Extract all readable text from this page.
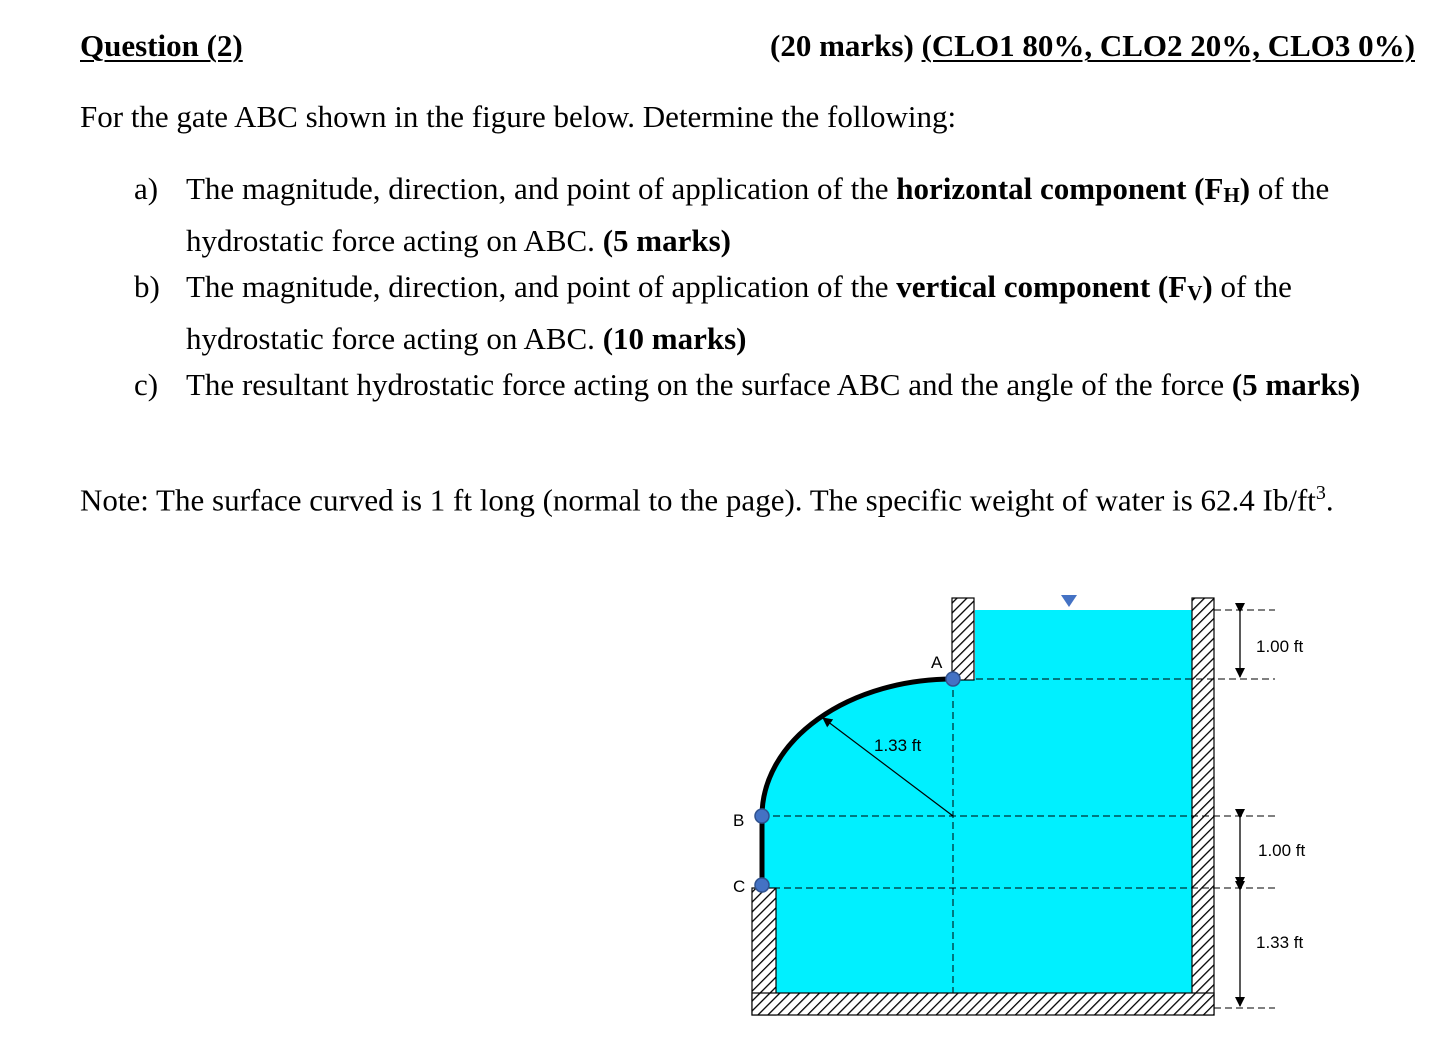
Question (2)	(20 marks) (CLO1 80%, CLO2 20%, CLO3 0%)
For the gate ABC shown in the figure below. Determine the following:
a) The magnitude, direction, and point of application of the horizontal component $(F_H)$ of the hydrostatic force acting on ABC. (5 marks)
b) The magnitude, direction, and point of application of the vertical component $(F_V)$ of the hydrostatic force acting on ABC. (10 marks)
c) The resultant hydrostatic force acting on the surface ABC and the angle of the force (5 marks)
Note: The surface curved is 1 ft long (normal to the page). The specific weight of water is 62.4 $Ib/ft^3$.
A
B
C
1.33 ft
1.00 ft
1.00 ft
1.33 ft
